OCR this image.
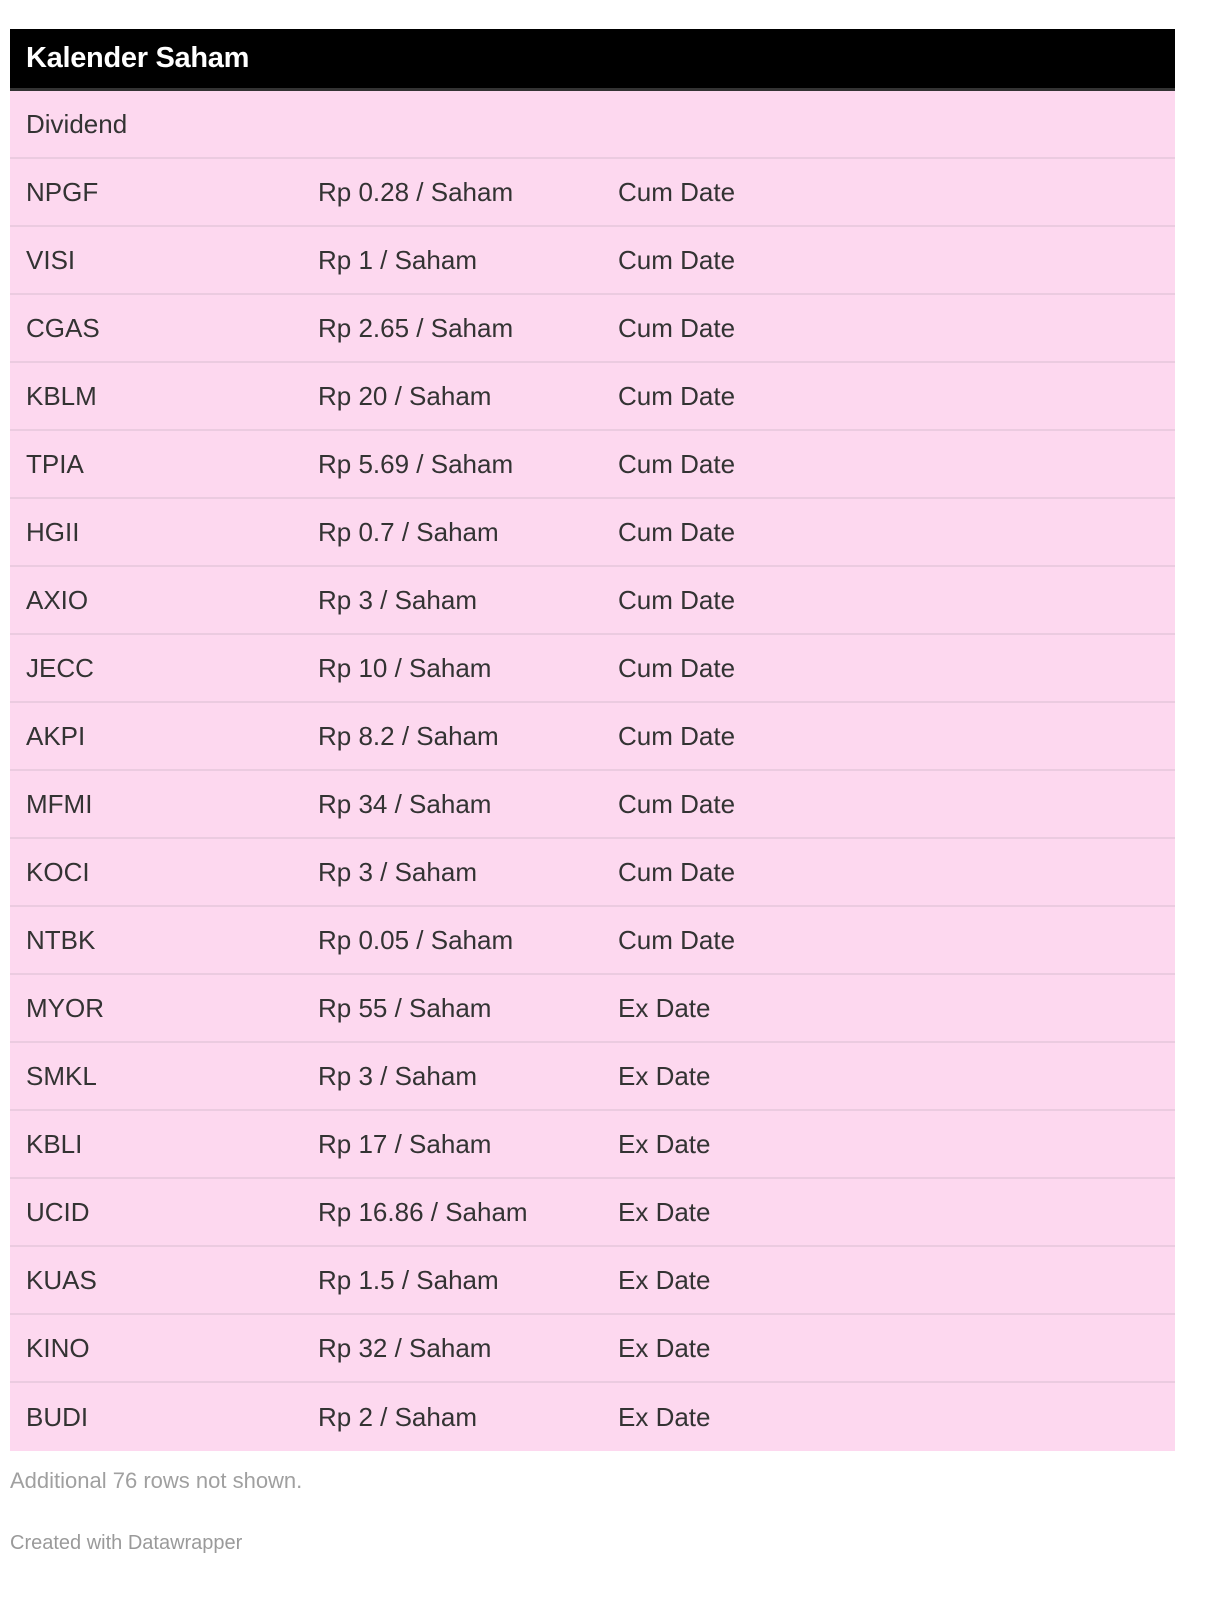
Kalender Saham
Dividend
NPGF	Rp 0.28 / Saham	Cum Date
VISI	Rp 1 / Saham	Cum Date
CGAS	Rp 2.65 / Saham	Cum Date
KBLM	Rp 20 / Saham	Cum Date
TPIA	Rp 5.69 / Saham	Cum Date
HGII	Rp 0.7 / Saham	Cum Date
AXIO	Rp 3 / Saham	Cum Date
JECC	Rp 10 / Saham	Cum Date
AKPI	Rp 8.2 / Saham	Cum Date
MFMI	Rp 34 / Saham	Cum Date
KOCI	Rp 3 / Saham	Cum Date
NTBK	Rp 0.05 / Saham	Cum Date
MYOR	Rp 55 / Saham	Ex Date
SMKL	Rp 3 / Saham	Ex Date
KBLI	Rp 17 / Saham	Ex Date
UCID	Rp 16.86 / Saham	Ex Date
KUAS	Rp 1.5 / Saham	Ex Date
KINO	Rp 32 / Saham	Ex Date
BUDI	Rp 2 / Saham	Ex Date
Additional 76 rows not shown.
Created with Datawrapper
